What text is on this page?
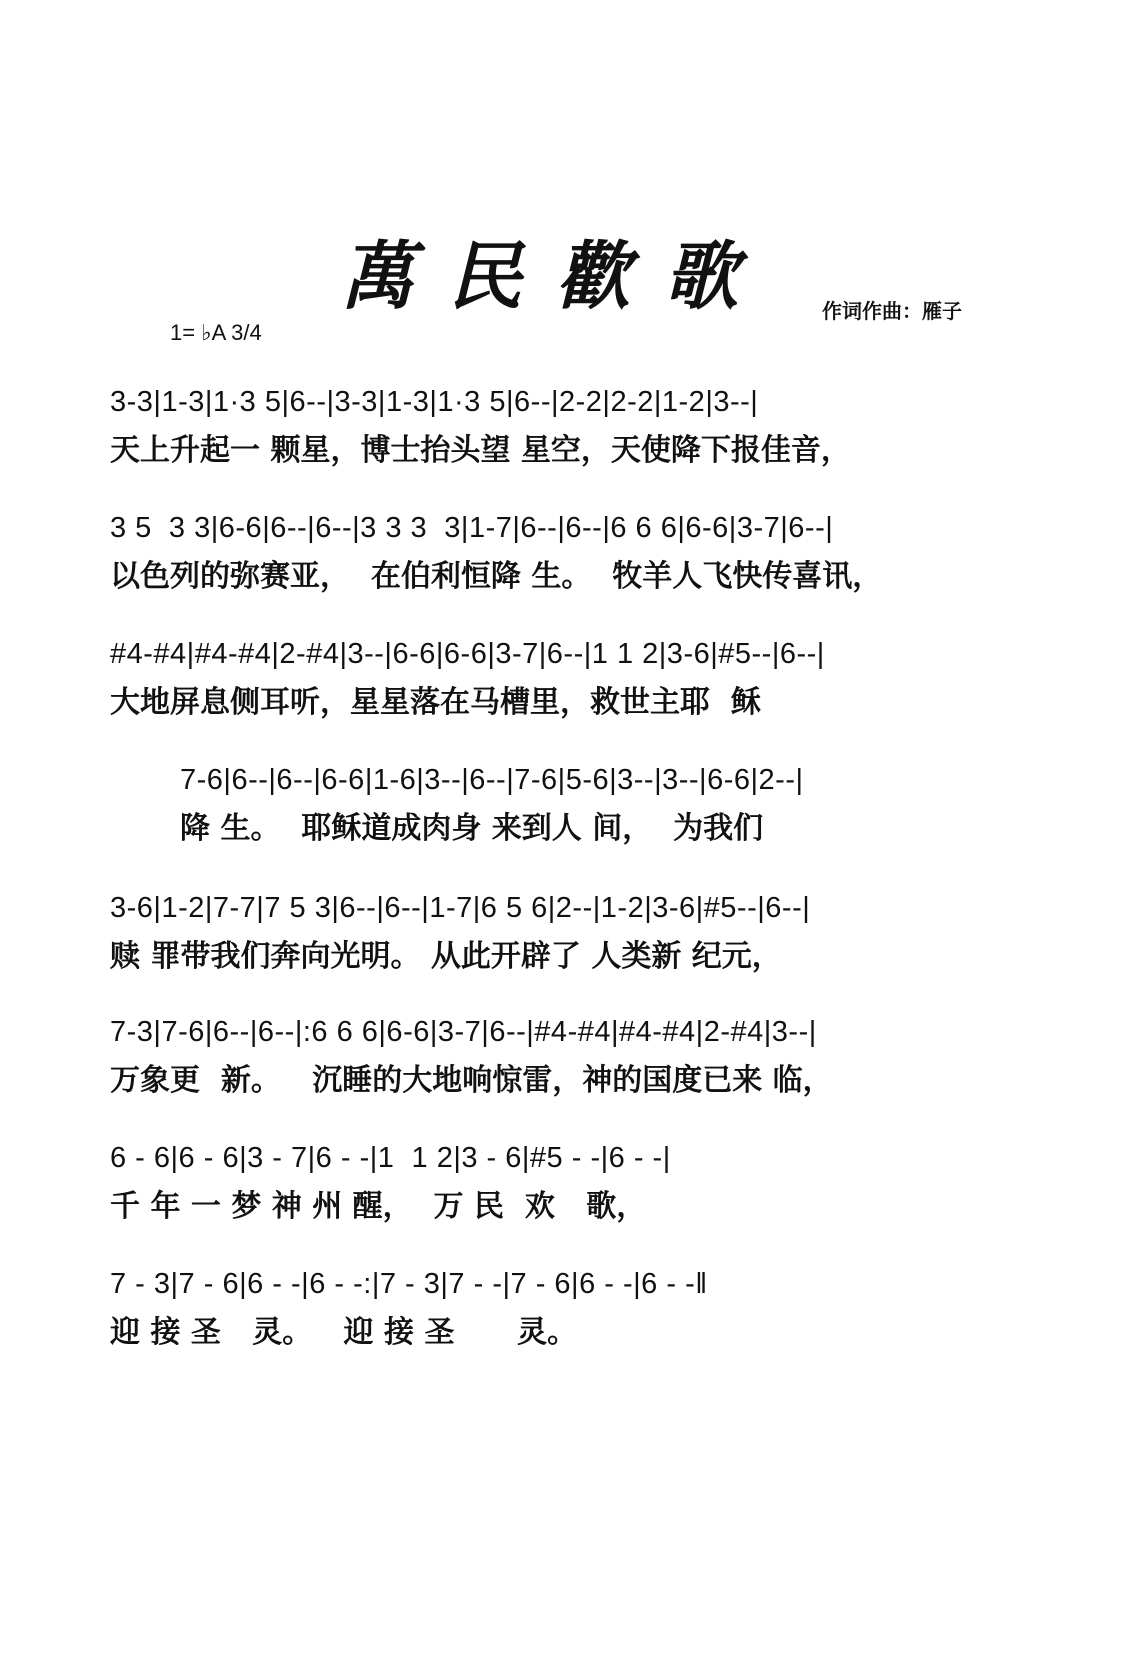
萬民歡歌	作词作曲：雁子
1= ♭A 3/4
3-3|1-3|1·3 5|6--|3-3|1-3|1·3 5|6--|2-2|2-2|1-2|3--|
天上升起一 颗星，博士抬头望 星空，天使降下报佳音，
3 5  3 3|6-6|6--|6--|3 3 3  3|1-7|6--|6--|6 6 6|6-6|3-7|6--|
以色列的弥赛亚，  在伯利恒降 生。  牧羊人飞快传喜讯，
#4-#4|#4-#4|2-#4|3--|6-6|6-6|3-7|6--|1 1 2|3-6|#5--|6--|
大地屏息侧耳听，星星落在马槽里，救世主耶  稣
7-6|6--|6--|6-6|1-6|3--|6--|7-6|5-6|3--|3--|6-6|2--|
降 生。  耶稣道成肉身 来到人 间，  为我们
3-6|1-2|7-7|7 5 3|6--|6--|1-7|6 5 6|2--|1-2|3-6|#5--|6--|
赎 罪带我们奔向光明。 从此开辟了 人类新 纪元，
7-3|7-6|6--|6--|:6 6 6|6-6|3-7|6--|#4-#4|#4-#4|2-#4|3--|
万象更  新。   沉睡的大地响惊雷，神的国度已来 临，
6 - 6|6 - 6|3 - 7|6 - -|1  1 2|3 - 6|#5 - -|6 - -|
千 年 一 梦 神 州 醒，  万 民  欢   歌，
7 - 3|7 - 6|6 - -|6 - -:|7 - 3|7 - -|7 - 6|6 - -|6 - -‖
迎 接 圣   灵。   迎 接 圣      灵。
